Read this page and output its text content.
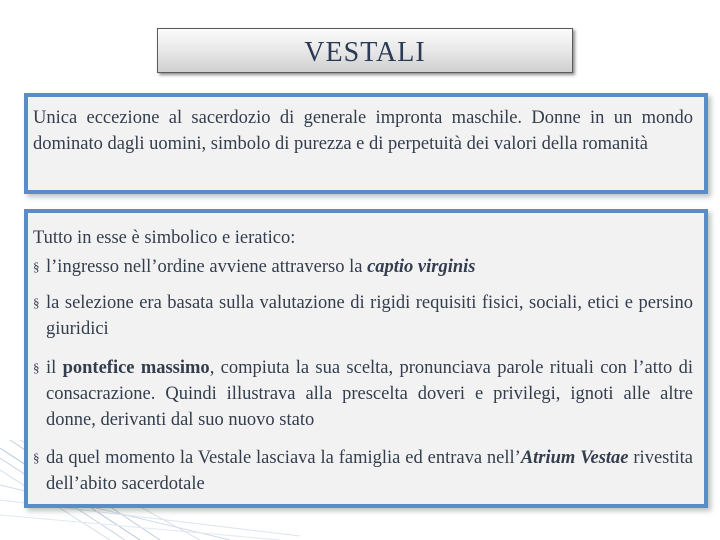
VESTALI

Unica eccezione al sacerdozio di generale impronta maschile. Donne in un mondo dominato dagli uomini, simbolo di purezza e di perpetuità dei valori della romanità

Tutto in esse è simbolico e ieratico:

§ l’ingresso nell’ordine avviene attraverso la captio virginis
§ la selezione era basata sulla valutazione di rigidi requisiti fisici, sociali, etici e persino giuridici
§ il pontefice massimo, compiuta la sua scelta, pronunciava parole rituali con l’atto di consacrazione. Quindi illustrava alla prescelta doveri e privilegi, ignoti alle altre donne, derivanti dal suo nuovo stato
§ da quel momento la Vestale lasciava la famiglia ed entrava nell’Atrium Vestae rivestita dell’abito sacerdotale
